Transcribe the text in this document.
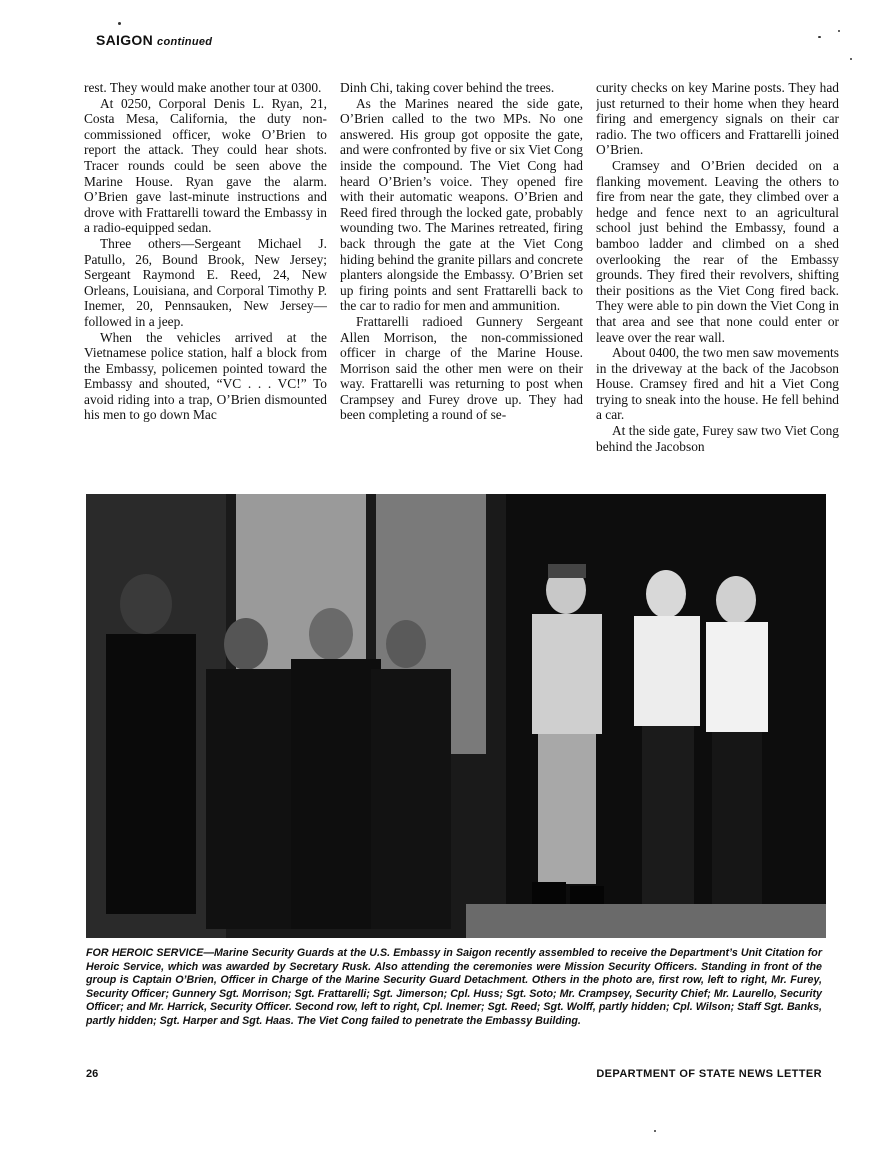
SAIGON continued

rest. They would make another tour at 0300.

At 0250, Corporal Denis L. Ryan, 21, Costa Mesa, California, the duty non-commissioned officer, woke O’Brien to report the attack. They could hear shots. Tracer rounds could be seen above the Marine House. Ryan gave the alarm. O’Brien gave last-minute instructions and drove with Frattarelli toward the Embassy in a radio-equipped sedan.

Three others—Sergeant Michael J. Patullo, 26, Bound Brook, New Jersey; Sergeant Raymond E. Reed, 24, New Orleans, Louisiana, and Corporal Timothy P. Inemer, 20, Pennsauken, New Jersey—followed in a jeep.

When the vehicles arrived at the Vietnamese police station, half a block from the Embassy, policemen pointed toward the Embassy and shouted, “VC . . . VC!” To avoid riding into a trap, O’Brien dismounted his men to go down Mac

Dinh Chi, taking cover behind the trees.

As the Marines neared the side gate, O’Brien called to the two MPs. No one answered. His group got opposite the gate, and were confronted by five or six Viet Cong inside the compound. The Viet Cong had heard O’Brien’s voice. They opened fire with their automatic weapons. O’Brien and Reed fired through the locked gate, probably wounding two. The Marines retreated, firing back through the gate at the Viet Cong hiding behind the granite pillars and concrete planters alongside the Embassy. O’Brien set up firing points and sent Frattarelli back to the car to radio for men and ammunition.

Frattarelli radioed Gunnery Sergeant Allen Morrison, the non-commissioned officer in charge of the Marine House. Morrison said the other men were on their way. Frattarelli was returning to post when Crampsey and Furey drove up. They had been completing a round of se-

curity checks on key Marine posts. They had just returned to their home when they heard firing and emergency signals on their car radio. The two officers and Frattarelli joined O’Brien.

Cramsey and O’Brien decided on a flanking movement. Leaving the others to fire from near the gate, they climbed over a hedge and fence next to an agricultural school just behind the Embassy, found a bamboo ladder and climbed on a shed overlooking the rear of the Embassy grounds. They fired their revolvers, shifting their positions as the Viet Cong fired back. They were able to pin down the Viet Cong in that area and see that none could enter or leave over the rear wall.

About 0400, the two men saw movements in the driveway at the back of the Jacobson House. Cramsey fired and hit a Viet Cong trying to sneak into the house. He fell behind a car.

At the side gate, Furey saw two Viet Cong behind the Jacobson

FOR HEROIC SERVICE—Marine Security Guards at the U.S. Embassy in Saigon recently assembled to receive the Department’s Unit Citation for Heroic Service, which was awarded by Secretary Rusk. Also attending the ceremonies were Mission Security Officers. Standing in front of the group is Captain O’Brien, Officer in Charge of the Marine Security Guard Detachment. Others in the photo are, first row, left to right, Mr. Furey, Security Officer; Gunnery Sgt. Morrison; Sgt. Frattarelli; Sgt. Jimerson; Cpl. Huss; Sgt. Soto; Mr. Crampsey, Security Chief; Mr. Laurello, Security Officer; and Mr. Harrick, Security Officer. Second row, left to right, Cpl. Inemer; Sgt. Reed; Sgt. Wolff, partly hidden; Cpl. Wilson; Staff Sgt. Banks, partly hidden; Sgt. Harper and Sgt. Haas. The Viet Cong failed to penetrate the Embassy Building.
26	DEPARTMENT OF STATE NEWS LETTER
